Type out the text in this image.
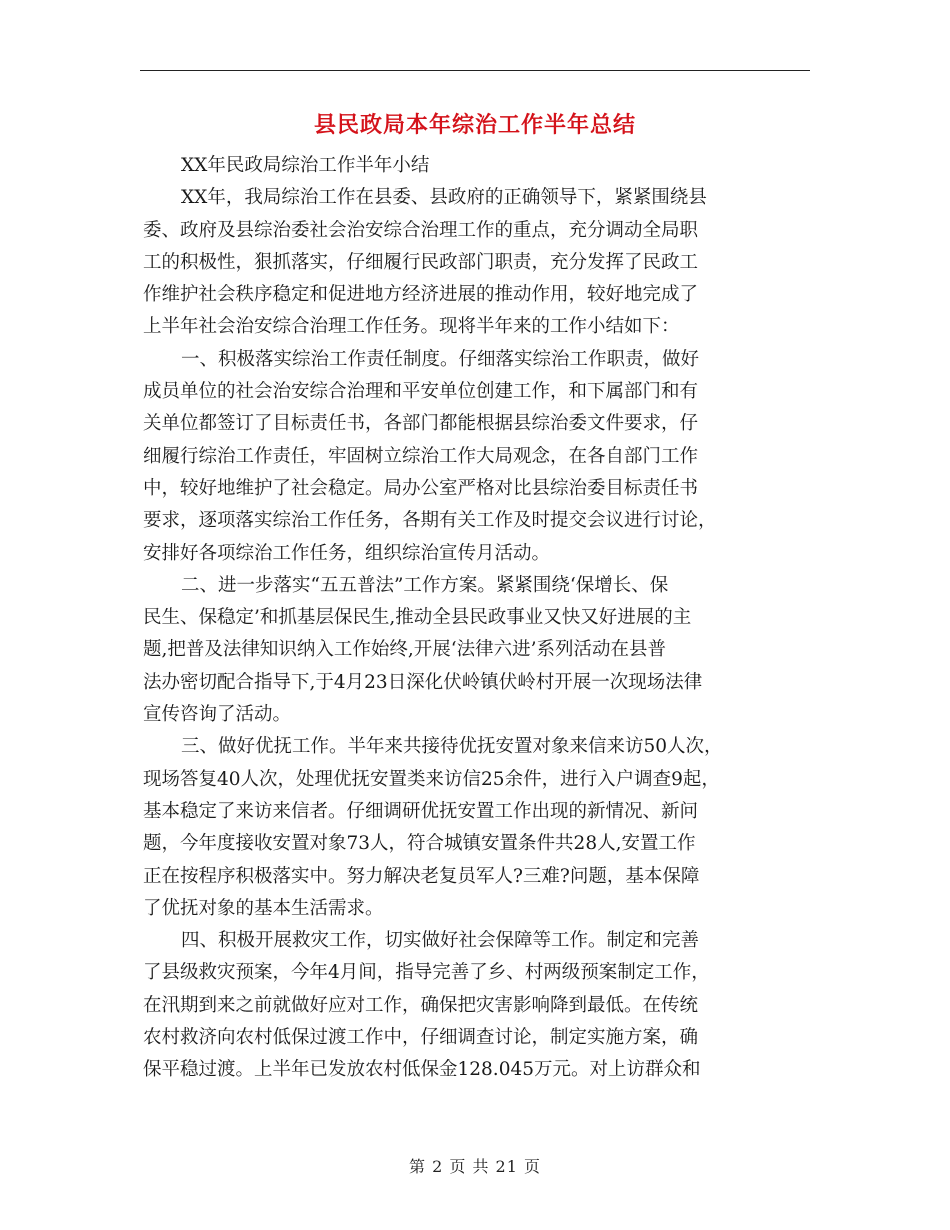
县民政局本年综治工作半年总结
XX年民政局综治工作半年小结
XX年，我局综治工作在县委、县政府的正确领导下，紧紧围绕县
委、政府及县综治委社会治安综合治理工作的重点，充分调动全局职
工的积极性，狠抓落实，仔细履行民政部门职责，充分发挥了民政工
作维护社会秩序稳定和促进地方经济进展的推动作用，较好地完成了
上半年社会治安综合治理工作任务。现将半年来的工作小结如下：
一、积极落实综治工作责任制度。仔细落实综治工作职责，做好
成员单位的社会治安综合治理和平安单位创建工作，和下属部门和有
关单位都签订了目标责任书，各部门都能根据县综治委文件要求，仔
细履行综治工作责任，牢固树立综治工作大局观念，在各自部门工作
中，较好地维护了社会稳定。局办公室严格对比县综治委目标责任书
要求，逐项落实综治工作任务，各期有关工作及时提交会议进行讨论，
安排好各项综治工作任务，组织综治宣传月活动。
二、进一步落实“五五普法”工作方案。紧紧围绕‘保增长、保
民生、保稳定’和抓基层保民生,推动全县民政事业又快又好进展的主
题,把普及法律知识纳入工作始终,开展‘法律六进’系列活动在县普
法办密切配合指导下,于4月23日深化伏岭镇伏岭村开展一次现场法律
宣传咨询了活动。
三、做好优抚工作。半年来共接待优抚安置对象来信来访50人次，
现场答复40人次，处理优抚安置类来访信25余件，进行入户调查9起，
基本稳定了来访来信者。仔细调研优抚安置工作出现的新情况、新问
题，今年度接收安置对象73人，符合城镇安置条件共28人,安置工作
正在按程序积极落实中。努力解决老复员军人?三难?问题，基本保障
了优抚对象的基本生活需求。
四、积极开展救灾工作，切实做好社会保障等工作。制定和完善
了县级救灾预案，今年4月间，指导完善了乡、村两级预案制定工作，
在汛期到来之前就做好应对工作，确保把灾害影响降到最低。在传统
农村救济向农村低保过渡工作中，仔细调查讨论，制定实施方案，确
保平稳过渡。上半年已发放农村低保金128.045万元。对上访群众和
第 2 页 共 21 页
